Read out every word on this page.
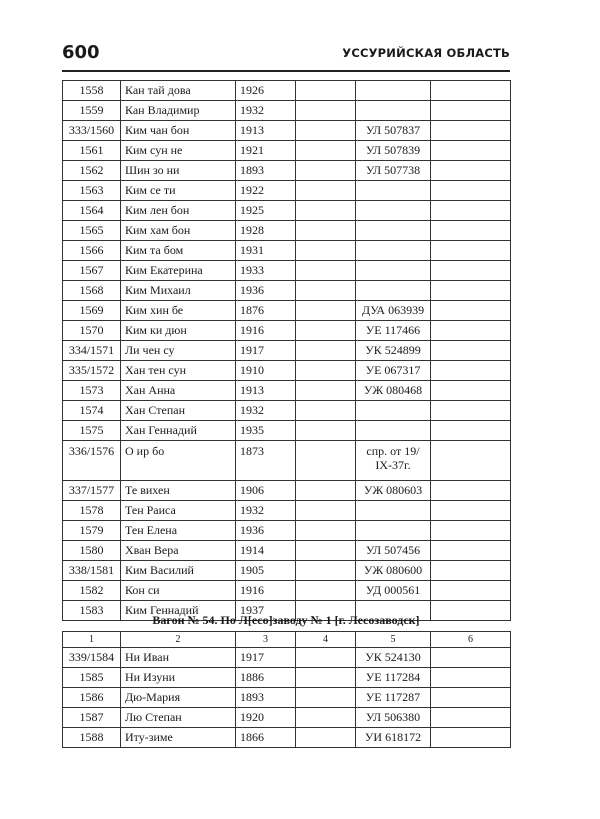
600	УССУРИЙСКАЯ ОБЛАСТЬ
1558	Кан тай дова	1926			
1559	Кан Владимир	1932			
333/1560	Ким чан бон	1913		УЛ 507837	
1561	Ким сун не	1921		УЛ 507839	
1562	Шин зо ни	1893		УЛ 507738	
1563	Ким се ти	1922			
1564	Ким лен бон	1925			
1565	Ким хам бон	1928			
1566	Ким та бом	1931			
1567	Ким Екатерина	1933			
1568	Ким Михаил	1936			
1569	Ким хин бе	1876		ДУА 063939	
1570	Ким ки дюн	1916		УЕ 117466	
334/1571	Ли чен су	1917		УК 524899	
335/1572	Хан тен сун	1910		УЕ 067317	
1573	Хан Анна	1913		УЖ 080468	
1574	Хан Степан	1932			
1575	Хан Геннадий	1935			
336/1576	О ир бо	1873		спр. от 19/ IX-37г.	
337/1577	Те вихен	1906		УЖ 080603	
1578	Тен Раиса	1932			
1579	Тен Елена	1936			
1580	Хван Вера	1914		УЛ 507456	
338/1581	Ким Василий	1905		УЖ 080600	
1582	Кон си	1916		УД 000561	
1583	Ким Геннадий	1937			
Вагон № 54. По Л[есо]заводу № 1 [г. Лесозаводск]
1	2	3	4	5	6
339/1584	Ни Иван	1917		УК 524130	
1585	Ни Изуни	1886		УЕ 117284	
1586	Дю-Мария	1893		УЕ 117287	
1587	Лю Степан	1920		УЛ 506380	
1588	Иту-зиме	1866		УИ 618172	
